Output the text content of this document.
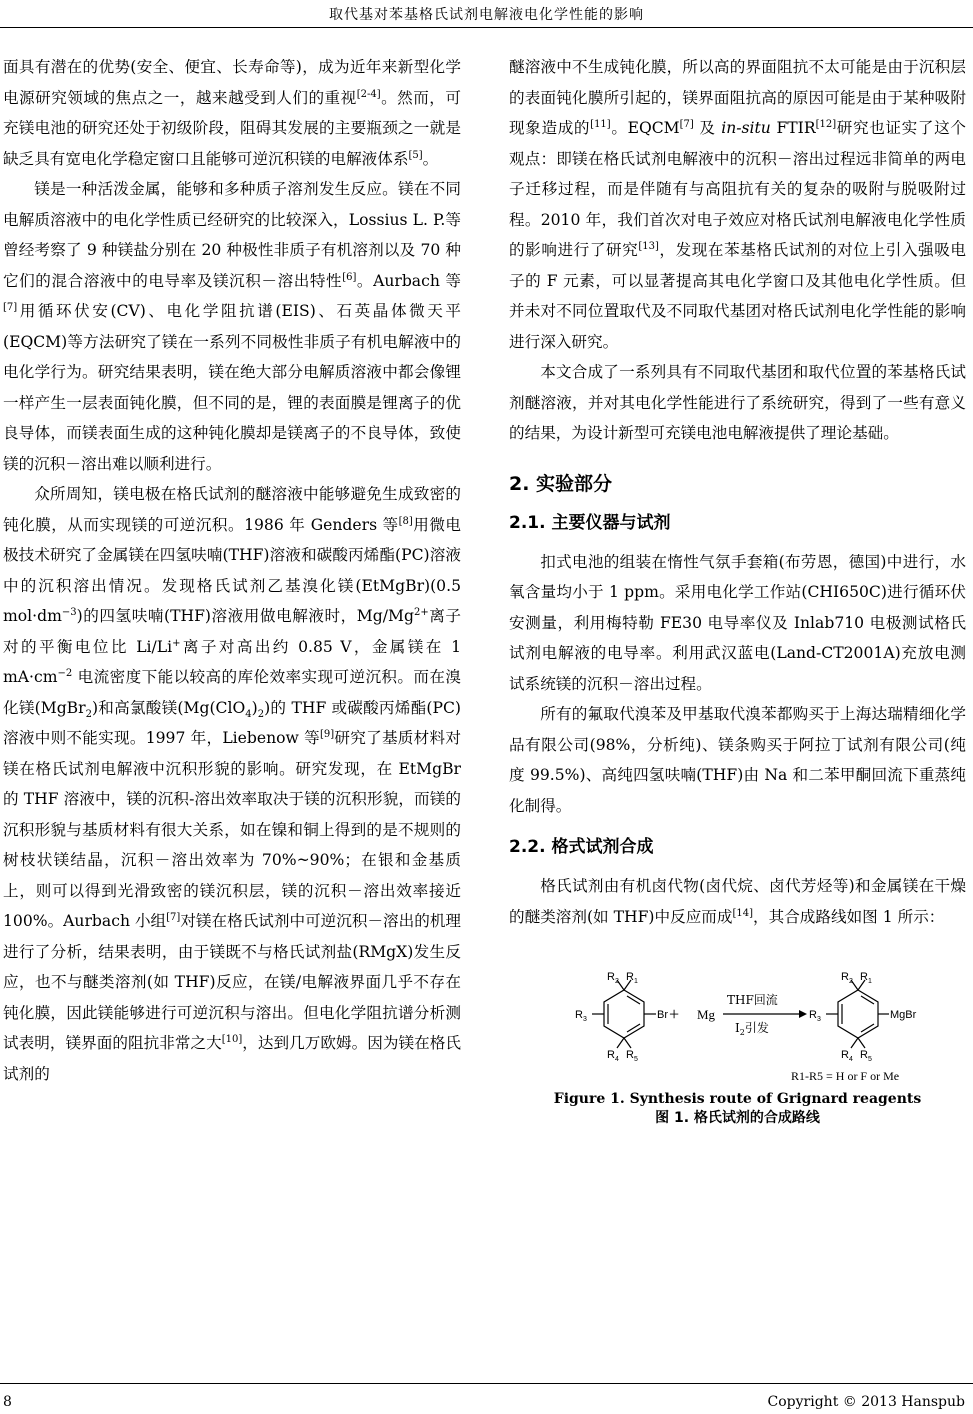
取代基对苯基格氏试剂电解液电化学性能的影响

面具有潜在的优势(安全、便宜、长寿命等)，成为近年来新型化学电源研究领域的焦点之一，越来越受到人们的重视[2-4]。然而，可充镁电池的研究还处于初级阶段，阻碍其发展的主要瓶颈之一就是缺乏具有宽电化学稳定窗口且能够可逆沉积镁的电解液体系[5]。

镁是一种活泼金属，能够和多种质子溶剂发生反应。镁在不同电解质溶液中的电化学性质已经研究的比较深入，Lossius L. P.等曾经考察了 9 种镁盐分别在 20 种极性非质子有机溶剂以及 70 种它们的混合溶液中的电导率及镁沉积－溶出特性[6]。Aurbach 等[7]用循环伏安(CV)、电化学阻抗谱(EIS)、石英晶体微天平(EQCM)等方法研究了镁在一系列不同极性非质子有机电解液中的电化学行为。研究结果表明，镁在绝大部分电解质溶液中都会像锂一样产生一层表面钝化膜，但不同的是，锂的表面膜是锂离子的优良导体，而镁表面生成的这种钝化膜却是镁离子的不良导体，致使镁的沉积－溶出难以顺利进行。

众所周知，镁电极在格氏试剂的醚溶液中能够避免生成致密的钝化膜，从而实现镁的可逆沉积。1986 年 Genders 等[8]用微电极技术研究了金属镁在四氢呋喃(THF)溶液和碳酸丙烯酯(PC)溶液中的沉积溶出情况。发现格氏试剂乙基溴化镁(EtMgBr)(0.5 $mol\cdot dm^{-3}$)的四氢呋喃(THF)溶液用做电解液时，$Mg/Mg^{2+}$离子对的平衡电位比 Li/Li+离子对高出约 0.85 V，金属镁在 1 $mA\cdot cm^{-2}$ 电流密度下能以较高的库伦效率实现可逆沉积。而在溴化镁(MgBr$_2$)和高氯酸镁$(Mg(ClO_4)_2)$的 THF 或碳酸丙烯酯(PC)溶液中则不能实现。1997 年，Liebenow 等[9]研究了基质材料对镁在格氏试剂电解液中沉积形貌的影响。研究发现，在 EtMgBr 的 THF 溶液中，镁的沉积-溶出效率取决于镁的沉积形貌，而镁的沉积形貌与基质材料有很大关系，如在镍和铜上得到的是不规则的树枝状镁结晶，沉积－溶出效率为 70%~90%；在银和金基质上，则可以得到光滑致密的镁沉积层，镁的沉积－溶出效率接近 100%。Aurbach 小组[7]对镁在格氏试剂中可逆沉积－溶出的机理进行了分析，结果表明，由于镁既不与格氏试剂盐(RMgX)发生反应，也不与醚类溶剂(如 THF)反应，在镁/电解液界面几乎不存在钝化膜，因此镁能够进行可逆沉积与溶出。但电化学阻抗谱分析测试表明，镁界面的阻抗非常之大[10]，达到几万欧姆。因为镁在格氏试剂的

醚溶液中不生成钝化膜，所以高的界面阻抗不太可能是由于沉积层的表面钝化膜所引起的，镁界面阻抗高的原因可能是由于某种吸附现象造成的[11]。EQCM[7] 及 in-situ FTIR[12]研究也证实了这个观点：即镁在格氏试剂电解液中的沉积－溶出过程远非简单的两电子迁移过程，而是伴随有与高阻抗有关的复杂的吸附与脱吸附过程。2010 年，我们首次对电子效应对格氏试剂电解液电化学性质的影响进行了研究[13]，发现在苯基格氏试剂的对位上引入强吸电子的 F 元素，可以显著提高其电化学窗口及其他电化学性质。但并未对不同位置取代及不同取代基团对格氏试剂电化学性能的影响进行深入研究。

本文合成了一系列具有不同取代基团和取代位置的苯基格氏试剂醚溶液，并对其电化学性能进行了系统研究，得到了一些有意义的结果，为设计新型可充镁电池电解液提供了理论基础。

2. 实验部分
2.1. 主要仪器与试剂

扣式电池的组装在惰性气氛手套箱(布劳恩，德国)中进行，水氧含量均小于 1 ppm。采用电化学工作站(CHI650C)进行循环伏安测量，利用梅特勒 FE30 电导率仪及 Inlab710 电极测试格氏试剂电解液的电导率。利用武汉蓝电(Land-CT2001A)充放电测试系统镁的沉积－溶出过程。

所有的氟取代溴苯及甲基取代溴苯都购买于上海达瑞精细化学品有限公司(98%，分析纯)、镁条购买于阿拉丁试剂有限公司(纯度 99.5%)、高纯四氢呋喃(THF)由 Na 和二苯甲酮回流下重蒸纯化制得。

2.2. 格式试剂合成

格氏试剂由有机卤代物(卤代烷、卤代芳烃等)和金属镁在干燥的醚类溶剂(如 THF)中反应而成[14]，其合成路线如图 1 所示：

$R_2$ $R_1$
$R_3$
$R_4$ $R_5$
Br + Mg
THF回流
$I_2$引发
$R_2$ $R_1$
$R_3$
$R_4$ $R_5$
MgBr
R1-R5 = H or F or Me
Figure 1. Synthesis route of Grignard reagents
图 1. 格氏试剂的合成路线
8	Copyright © 2013 Hanspub
